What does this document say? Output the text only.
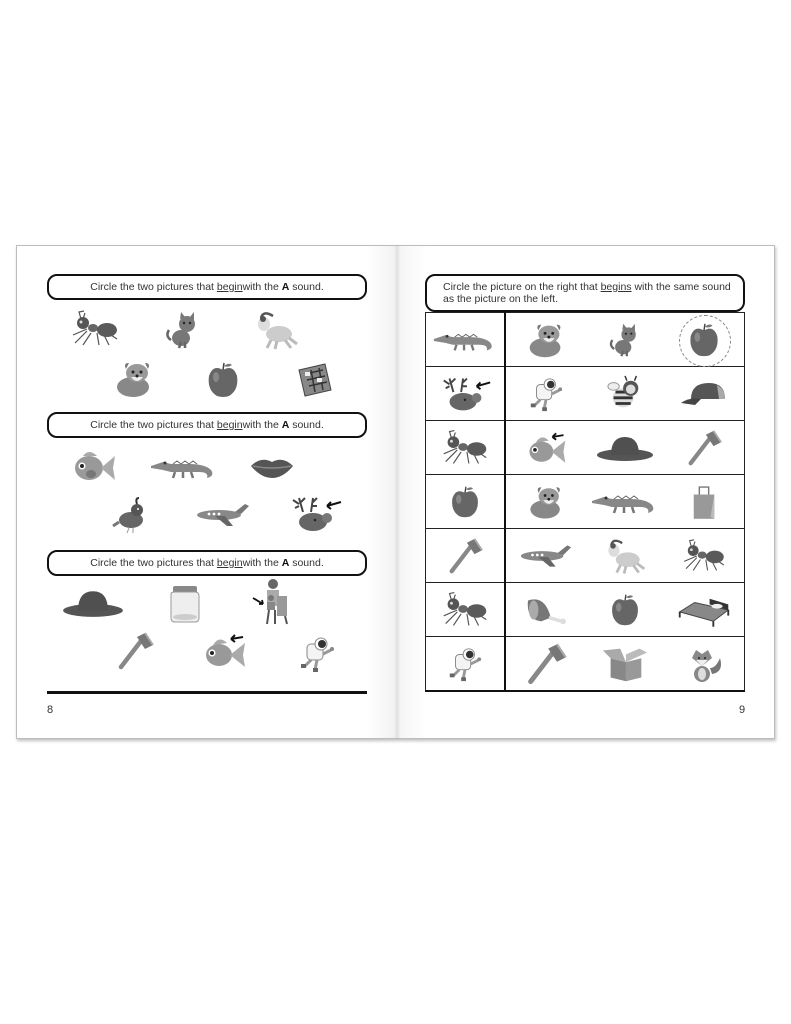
Circle the two pictures that
begin with the
A
sound.
Circle the two pictures that
begin with the
A
sound.
Circle the two pictures that
begin with the
A
sound.
8
Circle the picture on the right that begins with the same sound as the picture on the left.

9
